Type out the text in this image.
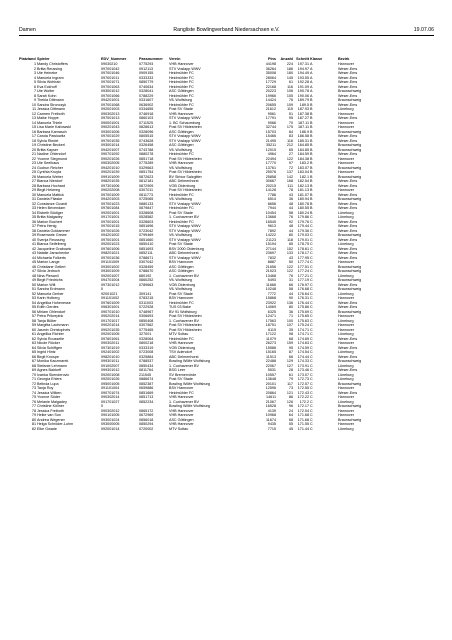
Damen	Rangliste Bowlingverband Niedersachsen e.V.	19.07.06
Platzland	Spieler	EDV_Nummer	Passnummer	Verein	Pins	Anzahl	Schnitt	Klasse		Bezirk
1	Mandy Christoffers	09030210	0775293	VHB Hannover	44198	224	197.31	A		Hannover
2	Britta Reussing	097001042	0912113	STV Voslapp WWV	36264	186	194.97	A		Weser-Ems
3	Ute Heineke	097001046	0909155	Heidmühler FC	35008	180	194.49	A		Weser-Ems
4	Manuela Ingram	097001011	0333333	Heidmühler FC	28064	145	193.55	A		Weser-Ems
5	Silvia Wohlrab	097001071	0850779	Heidmühler FC	17729	61	192.28	A		Weser-Ems
6	Eva Eckhoff	097001063	0740634	Heidmühler FC	22168	116	191.09	A		Weser-Ems
7	Ute Wolter	093001012	0328041	ASC Göttingen	20223	106	190.78	A		Braunschweig
8	Sarah Kohn	097001066	0788229	Heidmühler FC	19966	105	190.06	A		Weser-Ems
9	Thekla Dittmann	094201001	0331607	VfL Wolfsburg	14424	76	189.79	B		Braunschweig
10	Sandra Stronczyk	097001068	0636902	Heidmühler FC	20655	109	189.5	B		Weser-Ems
11	Jessica Dittmann	092001003	0334655	Post SV Stade	21612	115	187.93	B		Lüneburg
12	Carmen Freiboth	090302013	0746918	VHB Hannover	9561	51	187.38	B		Hannover
13	Maike Hoppe	097001013	0860103	STV Voslapp WWV	17791	95	187.27	B		Weser-Ems
14	Manuela Thiele	090001001	0711525	1. BC Schaumburg	9068	70	187.11	B		Hannover
15	Lisa Marie Kabowski	090201043	0828613	Post SV Hildesheim	32744	175	187.11	B		Hannover
16	Barbara Karnasch	093001006	0328096	ASC Göttingen	15703	84	186.9	B		Braunschweig
17	Carola Pawlowitz	097001029	0805515	STV Voslapp WWV	15466	83	186.58	B		Weser-Ems
18	Sylvia Riedel	097001035	0743628	STV Voslapp WWV	21495	116	185.31	B		Weser-Ems
19	Christine Beckerl	093001014	0326458	ASC Göttingen	35211	212	184.85	B		Braunschweig
20	Britta Kayser	094201007	0743788	VfL Wolfsburg	12015	65	184.85	B		Braunschweig
21	Nadine Ohlendorf	090701092	0880278	Heidmühler FC	4964	27	184.59	B		Weser-Ems
22	Yvonne Siegmund	090201026	0851718	Post SV Hildesheim	22494	122	184.38	B		Hannover
23	Ute Seelhaus	090302005	0775289	VHB Hannover	17770	97	183.2	B		Hannover
24	Gudrun Reicher	094201010	0329663	VfL Wolfsburg	13761	72	183.07	B		Braunschweig
25	Cynthia Kruyta	090201039	0851754	Post SV Hildesheim	25076	137	183.04	B		Hannover
26	Manuela Weber	099101009	0872623	BV Sirbox Salzgitter	25858	142	182.1	B		Braunschweig
27	Bianca Nierdorf	098201035	0812181	ABC Delmenhorst	30667	168	182.54	B		Weser-Ems
28	Barbara Hochard	097301006	0872909	VOB Oldenburg	20215	111	182.13	B		Weser-Ems
29	Birgit Helwreg	090202008	0307011	Post SV Hildesheim	14128	78	181.13	B		Hannover
30	Manuela Mattick	097001009	0811773	Heidmühler FC	7788	43	181.07	B		Weser-Ems
31	Daniela Filaske	094201003	0725065	VfL Wolfsburg	6514	36	180.94	B		Braunschweig
32	Constanze Cicardi	097001023	0880133	STV Voslapp WWV	8658	48	180.78	B		Weser-Ems
33	Helen Bevendam	097601084	0879847	Heidmühler FC	7944	44	180.55	B		Weser-Ems
34	Elsbeth Büdiger	092001001	0328608	Post SV Stade	10454	58	180.24	B		Lüneburg
35	Britta Malgadey	091701001	0528582	1. Cuxhavener BV	13668	76	179.86	C		Lüneburg
36	Marion Buchert	097001001	0328603	Heidmühler FC	16545	92	179.76	C		Weser-Ems
37	Petra Henig	097001015	0851696	STV Voslapp WWV	9613	48	179.44	C		Weser-Ems
38	Daniela Goldammer	097001026	0723042	STV Voslapp WWV	7892	44	179.36	C		Weser-Ems
39	Rosemarie Grewe	094201002	0799469	VfL Wolfsburg	14222	80	179.03	C		Braunschweig
40	Svenja Reussing	097001001	0851660	STV Voslapp WWV	21123	118	179.01	C		Weser-Ems
41	Bianca Seifelberg	092001023	0850410	Post SV Stade	15194	85	178.75	C		Lüneburg
42	Jacqueline Grabowic	097601006	0851693	BSV 2000 Oldenburg	27144	152	178.61	C		Weser-Ems
43	Natalie Janschenke	098201021	0852111	ABC Delmenhorst	23697	133	178.17	C		Weser-Ems
44	Michaela Folkerts	097001036	0788671	STV Voslapp WWV	7832	43	177.95	C		Weser-Ems
45	Marion Lange	091101009	0307042	BSV Hannover	8887	50	177.74	C		Hannover
46	Christiane Gellert	093001002	0328459	ASC Göttingen	21656	122	177.51	C		Braunschweig
47	Silvia Jedroch	093001009	0788670	ASC Göttingen	21023	122	177.24	C		Braunschweig
48	Nina Plesanli	092001007	680192	1. Cuxhavener BV	13468	76	177.21	C		Lüneburg
49	Birgit Friedrichs	094701004	0860252	VfL Wolfsburg	5493	31	177.19	C		Braunschweig
50	Marion Wilt	097301012	0789663	VOB Oldenburg	11666	66	176.97	C		Weser-Ems
51	Sandra Erdmann	0		VfL Wolfsburg	10248	58	176.68	C		Braunschweig
52	Manuela Gerber	92001021	309141	Post SV Stade	7772	44	176.64	C		Lüneburg
53	Karin Holberg	091101002	0783215	BSV Hannover	15868	90	176.31	C		Hannover
54	Angelika Hohenesse	097601009	0311003	Heidmühler FC	23922	136	176.44	C		Weser-Ems
55	Edith Gerdes	096301001	0722928	TUS 03 Bake	14069	80	175.86	C		Weser-Ems
56	Miriam Ohlendorf	090701010	0748967	BV 91 Wolfsburg	6325	36	175.69	C		Braunschweig
57	Petra Prikrepink	090202014	0306693	Post SV Hildesheim	12471	71	175.65	C		Hannover
58	Tanja Bülter	091701017	0850408	1. Cuxhavener BV	17563	100	175.63	C		Lüneburg
59	Margitta Lachmann	090201014	0307562	Post SV Hildesheim	18751	107	175.24	C		Hannover
60	Jasmin Christophels	090201035	0775465	Post SV Hildesheim	6115	35	174.71	C		Hannover
61	Angelika Richter	092001005	327001	MTV Soltau	17122	98	174.71	C		Lüneburg
62	Sylvia Rousselle	097601061	0328064	Heidmühler FC	11079	68	174.69	C		Weser-Ems
63	Nicole Rücker	090302011	0800218	VHB Hannover	26273	159	174.63	C		Hannover
64	Silvia Schiffgen	097301019	0333319	VOB Oldenburg	15586	95	174.59	C		Weser-Ems
65	Ingrid Hintz	092401002	0723008	TSV Adendorf	15165	87	174.54	C		Lüneburg
66	Birgit Knospe	098201010	0325884	ABC Delmenhorst	11513	66	174.44	C		Weser-Ems
67	Monika Kaczmarek	099301011	0788537	Bowling Wölfe Wolfsburg	22488	129	174.33	C		Braunschweig
68	Stefanie Lehmann	091002007	0850434	1. Cuxhavener BV	22067	127	173.91	C		Lüneburg
69	Agnes Baldorff	099301012	0811764	BSG Leer	5531	28	173.46	C		Weser-Ems
70	Ivanka Skenderovic	092001008	211545	SV Bremervörde	10557	61	173.07	C		Lüneburg
71	Georgia Ehlers	092001026	0886674	Post SV Stade	13648	79	172.73	C		Lüneburg
72	Belinda Lupa	095001005	0852387	Bowling Wölfe Wolfsburg	20101	117	172.57	C		Braunschweig
73	Tanja Roy	091101004	0659886	BSV Hannover	12596	73	172.55	C		Hannover
74	Jessica Wilken	090701074	0851669	Heidmühler FC	20864	121	172.43	C		Weser-Ems
75	Yvonne Söder	090302014	0851713	VHB Hannover	14611	86	172.22	C		Hannover
76	Melanie Malgadey	091701027	0852234	1. Cuxhavener BV	21067	126	172.2	C		Lüneburg
77	Christine Köllner	0		Bowling Wölfe Wolfsburg	16528	96	172.17	C		Braunschweig
78	Jessica Freiboth	090302012	0865172	VHB Hannover	4139	24	172.04	C		Hannover
79	Heike van Son	090101005	0672969	VHB Hannover	10968	64	171.68	C		Hannover
80	Andrea Wegener	093001024	0856018	ASC Göttingen	11674	68	171.68	C		Braunschweig
81	Helga Schröder-Luhm	093000005	0850294	VHB Hannover	9435	55	171.55	C		Hannover
82	Elke Gwade	092001014	0720002	MTV Soltau	7715	45	171.44	C		Lüneburg
